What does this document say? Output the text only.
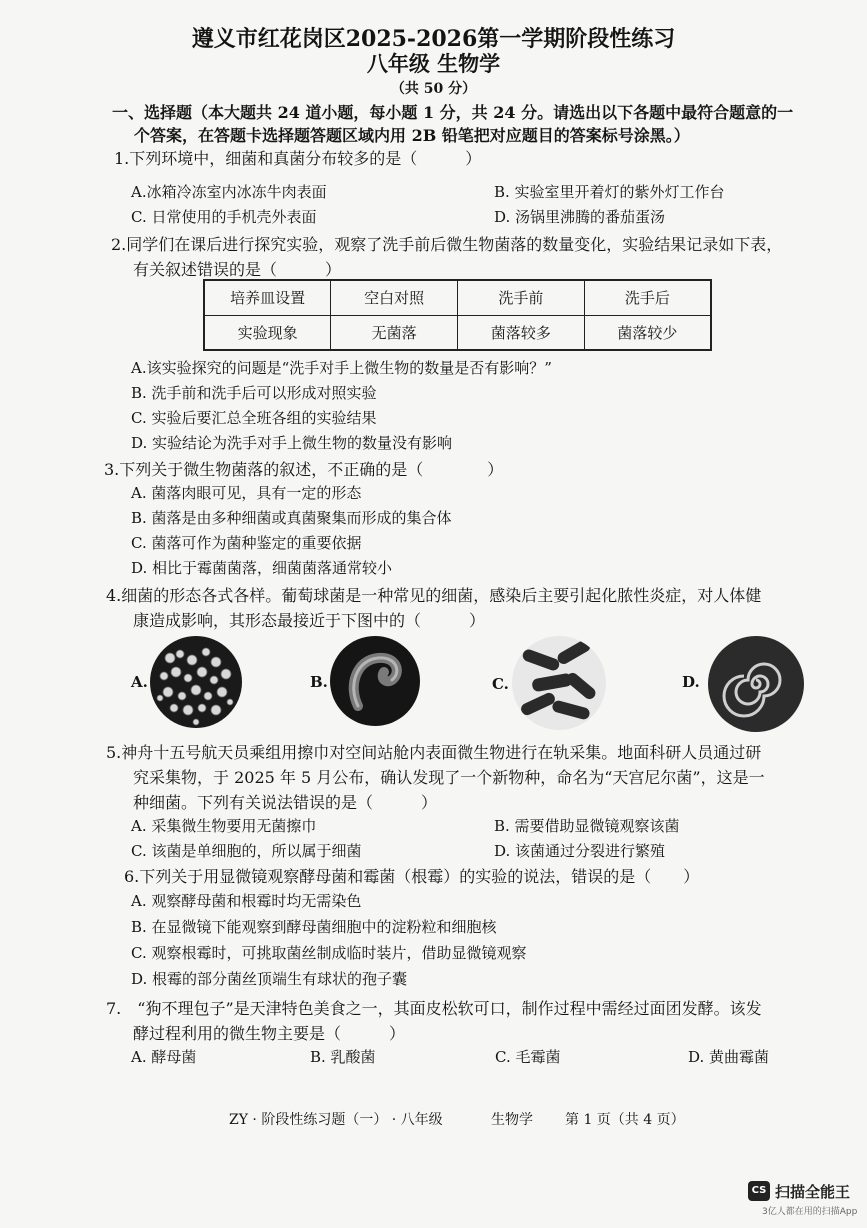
遵义市红花岗区2025-2026第一学期阶段性练习
八年级 生物学
（共 50 分）
一、选择题（本大题共 24 道小题，每小题 1 分，共 24 分。请选出以下各题中最符合题意的一
个答案，在答题卡选择题答题区域内用 2B 铅笔把对应题目的答案标号涂黑。）
1.下列环境中，细菌和真菌分布较多的是（　　　）
A.冰箱冷冻室内冰冻牛肉表面	B. 实验室里开着灯的紫外灯工作台
C. 日常使用的手机壳外表面	D. 汤锅里沸腾的番茄蛋汤
2.同学们在课后进行探究实验，观察了洗手前后微生物菌落的数量变化，实验结果记录如下表，
有关叙述错误的是（　　　）
培养皿设置	空白对照	洗手前	洗手后
实验现象	无菌落	菌落较多	菌落较少
A.该实验探究的问题是“洗手对手上微生物的数量是否有影响？”
B. 洗手前和洗手后可以形成对照实验
C. 实验后要汇总全班各组的实验结果
D. 实验结论为洗手对手上微生物的数量没有影响
3.下列关于微生物菌落的叙述，不正确的是（　　　　）
A. 菌落肉眼可见，具有一定的形态
B. 菌落是由多种细菌或真菌聚集而形成的集合体
C. 菌落可作为菌种鉴定的重要依据
D. 相比于霉菌菌落，细菌菌落通常较小
4.细菌的形态各式各样。葡萄球菌是一种常见的细菌，感染后主要引起化脓性炎症，对人体健
康造成影响，其形态最接近于下图中的（　　　）
A.	B.	C.	D.
5.神舟十五号航天员乘组用擦巾对空间站舱内表面微生物进行在轨采集。地面科研人员通过研
究采集物，于 2025 年 5 月公布，确认发现了一个新物种，命名为“天宫尼尔菌”，这是一
种细菌。下列有关说法错误的是（　　　）
A. 采集微生物要用无菌擦巾	B. 需要借助显微镜观察该菌
C. 该菌是单细胞的，所以属于细菌	D. 该菌通过分裂进行繁殖
6.下列关于用显微镜观察酵母菌和霉菌（根霉）的实验的说法，错误的是（　　）
A. 观察酵母菌和根霉时均无需染色
B. 在显微镜下能观察到酵母菌细胞中的淀粉粒和细胞核
C. 观察根霉时，可挑取菌丝制成临时装片，借助显微镜观察
D. 根霉的部分菌丝顶端生有球状的孢子囊
7.　“狗不理包子”是天津特色美食之一，其面皮松软可口，制作过程中需经过面团发酵。该发
酵过程利用的微生物主要是（　　　）
A. 酵母菌	B. 乳酸菌	C. 毛霉菌	D. 黄曲霉菌
ZY · 阶段性练习题（一） · 八年级	生物学 第 1 页（共 4 页）
CS 扫描全能王
3亿人都在用的扫描App
